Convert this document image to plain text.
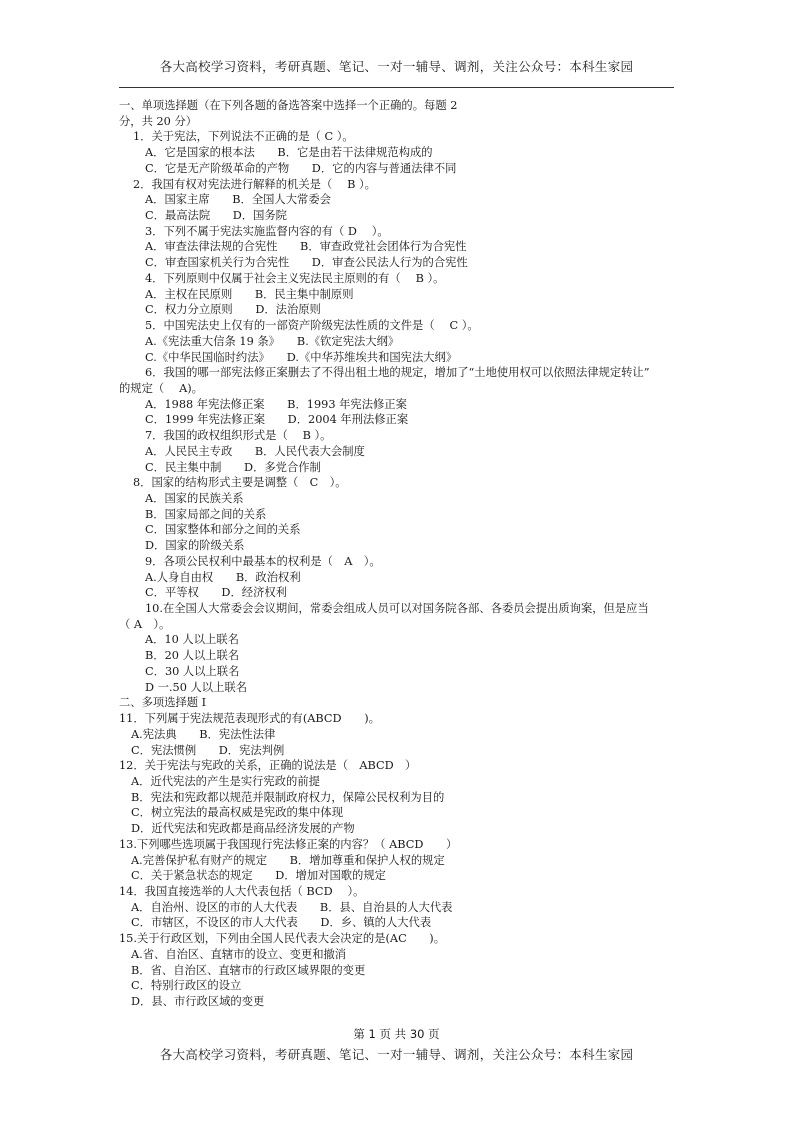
各大高校学习资料，考研真题、笔记、一对一辅导、调剂，关注公众号：本科生家园
一、单项选择题（在下列各题的备选答案中选择一个正确的。每题 2
分，共 20 分）
1．关于宪法，下列说法不正确的是（ C ）。
A．它是国家的根本法　　B．它是由若干法律规范构成的
C．它是无产阶级革命的产物　　D．它的内容与普通法律不同
2．我国有权对宪法进行解释的机关是（　 B ）。
A．国家主席　　B．全国人大常委会
C．最高法院　　D．国务院
3．下列不属于宪法实施监督内容的有（ D　 ）。
A．审查法律法规的合宪性　　B．审查政党社会团体行为合宪性
C．审查国家机关行为合宪性　　D．审查公民法人行为的合宪性
4．下列原则中仅属于社会主义宪法民主原则的有（　 B ）。
A．主权在民原则　　B．民主集中制原则
C．权力分立原则　　D．法治原则
5．中国宪法史上仅有的一部资产阶级宪法性质的文件是（　 C ）。
A.《宪法重大信条 19 条》　　B.《钦定宪法大纲》
C.《中华民国临时约法》　　D.《中华苏维埃共和国宪法大纲》
6．我国的哪一部宪法修正案删去了不得出租土地的规定，增加了“土地使用权可以依照法律规定转让”
的规定（　 A)。
A．1988 年宪法修正案　　B．1993 年宪法修正案
C．1999 年宪法修正案　　D．2004 年刑法修正案
7．我国的政权组织形式是（　 B ）。
A．人民民主专政　　B．人民代表大会制度
C．民主集中制　　D．多党合作制
8．国家的结构形式主要是调整（　C　）。
A．国家的民族关系
B．国家局部之间的关系
C．国家整体和部分之间的关系
D．国家的阶级关系
9．各项公民权利中最基本的权利是（　A　）。
A.人身自由权　　B．政治权利
C．平等权　　D．经济权利
10.在全国人大常委会会议期间，常委会组成人员可以对国务院各部、各委员会提出质询案，但是应当
（ A　）。
A．10 人以上联名
B．20 人以上联名
C．30 人以上联名
D 一.50 人以上联名
二、多项选择题 I
11．下列属于宪法规范表现形式的有(ABCD　　)。
A.宪法典　　B．宪法性法律
C．宪法惯例　　D．宪法判例
12．关于宪法与宪政的关系，正确的说法是（　ABCD　）
A．近代宪法的产生是实行宪政的前提
B．宪法和宪政都以规范并限制政府权力，保障公民权利为目的
C．树立宪法的最高权威是宪政的集中体现
D．近代宪法和宪政都是商品经济发展的产物
13.下列哪些选项属于我国现行宪法修正案的内容？（ ABCD　　）
A.完善保护私有财产的规定　　B．增加尊重和保护人权的规定
C．关于紧急状态的规定　　D．增加对国歌的规定
14．我国直接选举的人大代表包括（ BCD　 ）。
A．自治州、设区的市的人大代表　　B．县、自治县的人大代表
C．市辖区，不设区的市人大代表　　D．乡、镇的人大代表
15.关于行政区划，下列由全国人民代表大会决定的是(AC　　)。
A.省、自治区、直辖市的设立、变更和撤消
B．省、自治区、直辖市的行政区域界限的变更
C．特别行政区的设立
D．县、市行政区域的变更
第 1 页 共 30 页
各大高校学习资料，考研真题、笔记、一对一辅导、调剂，关注公众号：本科生家园
